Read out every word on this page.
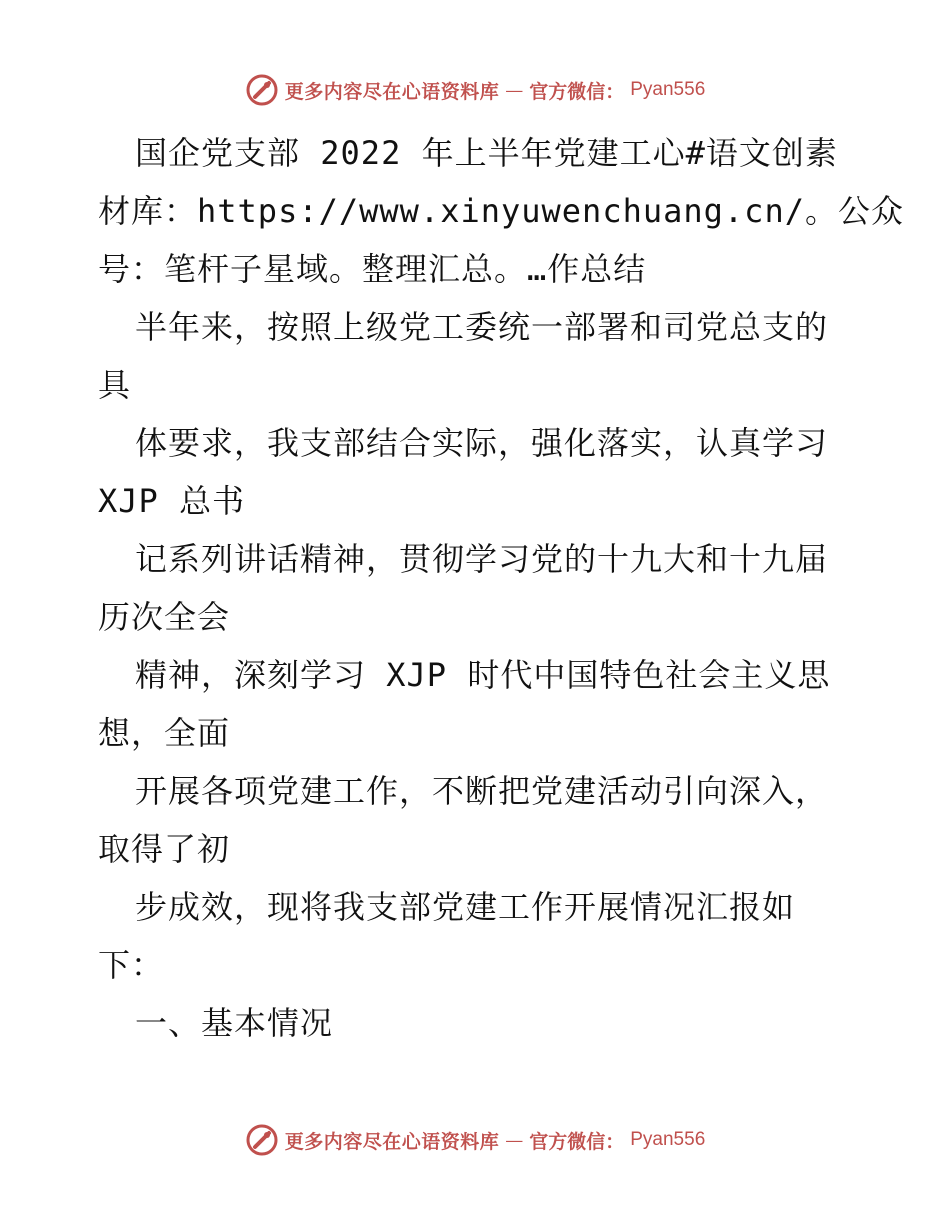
更多内容尽在心语资料库 — 官方微信： Pyan556
国企党支部 2022 年上半年党建工心#语文创素
材库：https://www.xinyuwenchuang.cn/。公众
号：笔杆子星域。整理汇总。…作总结
半年来，按照上级党工委统一部署和司党总支的
具
体要求，我支部结合实际，强化落实，认真学习
XJP 总书
记系列讲话精神，贯彻学习党的十九大和十九届
历次全会
精神，深刻学习 XJP 时代中国特色社会主义思
想，全面
开展各项党建工作，不断把党建活动引向深入，
取得了初
步成效，现将我支部党建工作开展情况汇报如
下：
一、基本情况
更多内容尽在心语资料库 — 官方微信： Pyan556
